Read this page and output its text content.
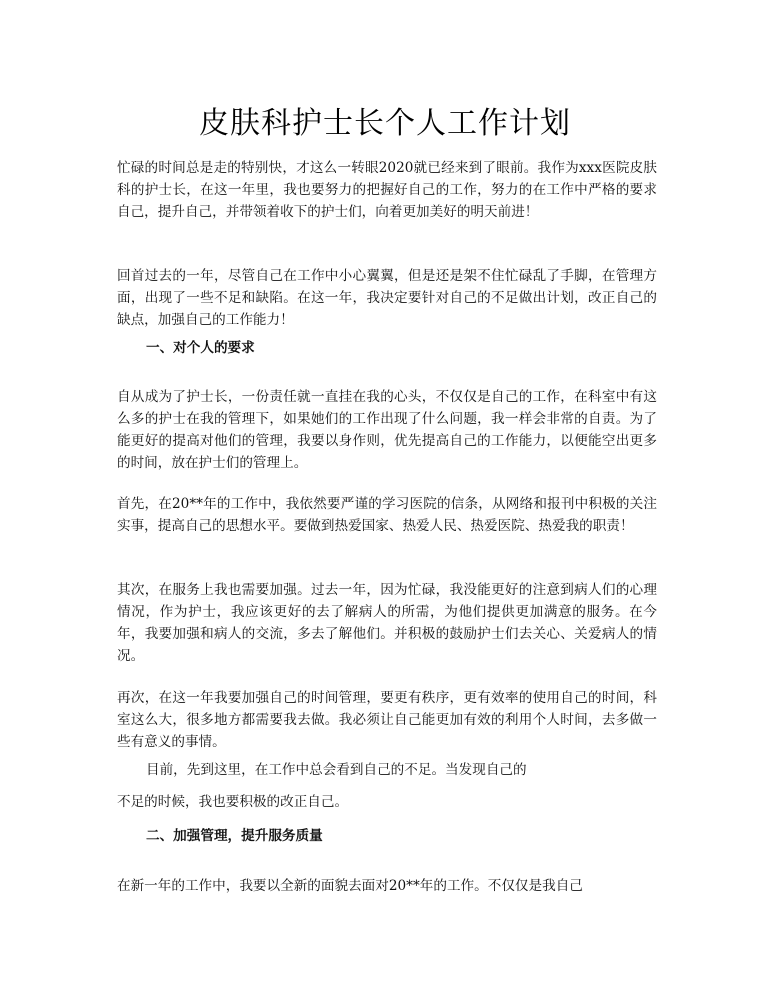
皮肤科护士长个人工作计划

忙碌的时间总是走的特别快，才这么一转眼2020就已经来到了眼前。我作为xxx医院皮肤科的护士长，在这一年里，我也要努力的把握好自己的工作，努力的在工作中严格的要求自己，提升自己，并带领着收下的护士们，向着更加美好的明天前进！

回首过去的一年，尽管自己在工作中小心翼翼，但是还是架不住忙碌乱了手脚，在管理方面，出现了一些不足和缺陷。在这一年，我决定要针对自己的不足做出计划，改正自己的缺点，加强自己的工作能力！

一、对个人的要求

自从成为了护士长，一份责任就一直挂在我的心头，不仅仅是自己的工作，在科室中有这么多的护士在我的管理下，如果她们的工作出现了什么问题，我一样会非常的自责。为了能更好的提高对他们的管理，我要以身作则，优先提高自己的工作能力，以便能空出更多的时间，放在护士们的管理上。

首先，在20**年的工作中，我依然要严谨的学习医院的信条，从网络和报刊中积极的关注实事，提高自己的思想水平。要做到热爱国家、热爱人民、热爱医院、热爱我的职责！

其次，在服务上我也需要加强。过去一年，因为忙碌，我没能更好的注意到病人们的心理情况，作为护士，我应该更好的去了解病人的所需，为他们提供更加满意的服务。在今年，我要加强和病人的交流，多去了解他们。并积极的鼓励护士们去关心、关爱病人的情况。

再次，在这一年我要加强自己的时间管理，要更有秩序，更有效率的使用自己的时间，科室这么大，很多地方都需要我去做。我必须让自己能更加有效的利用个人时间，去多做一些有意义的事情。

目前，先到这里，在工作中总会看到自己的不足。当发现自己的

不足的时候，我也要积极的改正自己。

二、加强管理，提升服务质量

在新一年的工作中，我要以全新的面貌去面对20**年的工作。不仅仅是我自己
